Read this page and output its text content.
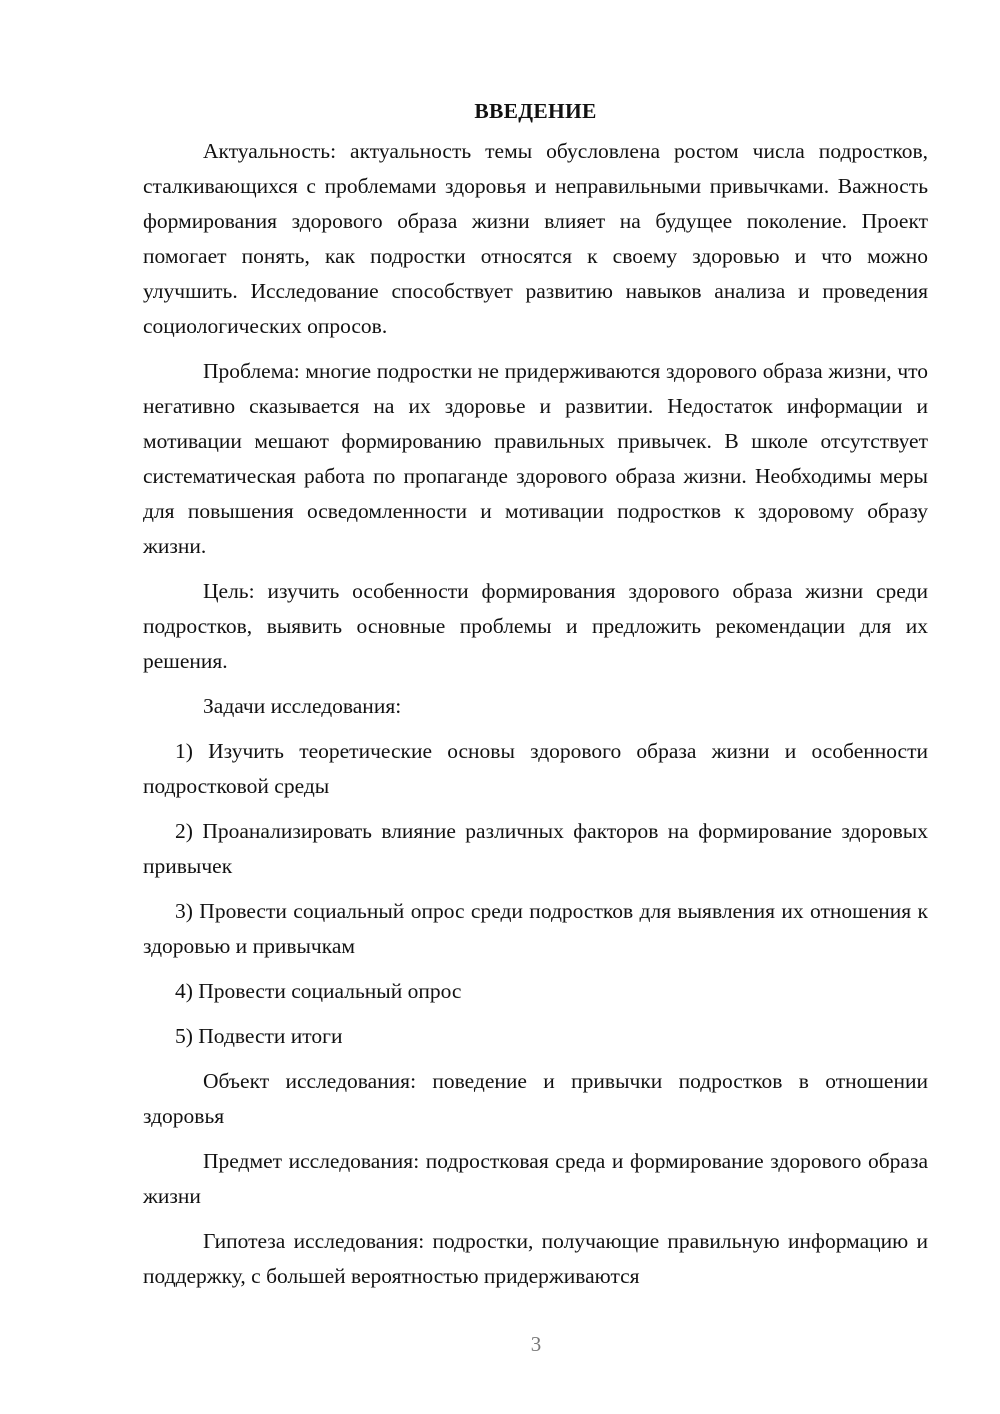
ВВЕДЕНИЕ

Актуальность: актуальность темы обусловлена ростом числа подростков, сталкивающихся с проблемами здоровья и неправильными привычками. Важность формирования здорового образа жизни влияет на будущее поколение. Проект помогает понять, как подростки относятся к своему здоровью и что можно улучшить. Исследование способствует развитию навыков анализа и проведения социологических опросов.

Проблема: многие подростки не придерживаются здорового образа жизни, что негативно сказывается на их здоровье и развитии. Недостаток информации и мотивации мешают формированию правильных привычек. В школе отсутствует систематическая работа по пропаганде здорового образа жизни. Необходимы меры для повышения осведомленности и мотивации подростков к здоровому образу жизни.

Цель: изучить особенности формирования здорового образа жизни среди подростков, выявить основные проблемы и предложить рекомендации для их решения.

Задачи исследования:

1) Изучить теоретические основы здорового образа жизни и особенности подростковой среды

2) Проанализировать влияние различных факторов на формирование здоровых привычек

3) Провести социальный опрос среди подростков для выявления их отношения к здоровью и привычкам

4) Провести социальный опрос

5) Подвести итоги

Объект исследования: поведение и привычки подростков в отношении здоровья

Предмет исследования: подростковая среда и формирование здорового образа жизни

Гипотеза исследования: подростки, получающие правильную информацию и поддержку, с большей вероятностью придерживаются

3
